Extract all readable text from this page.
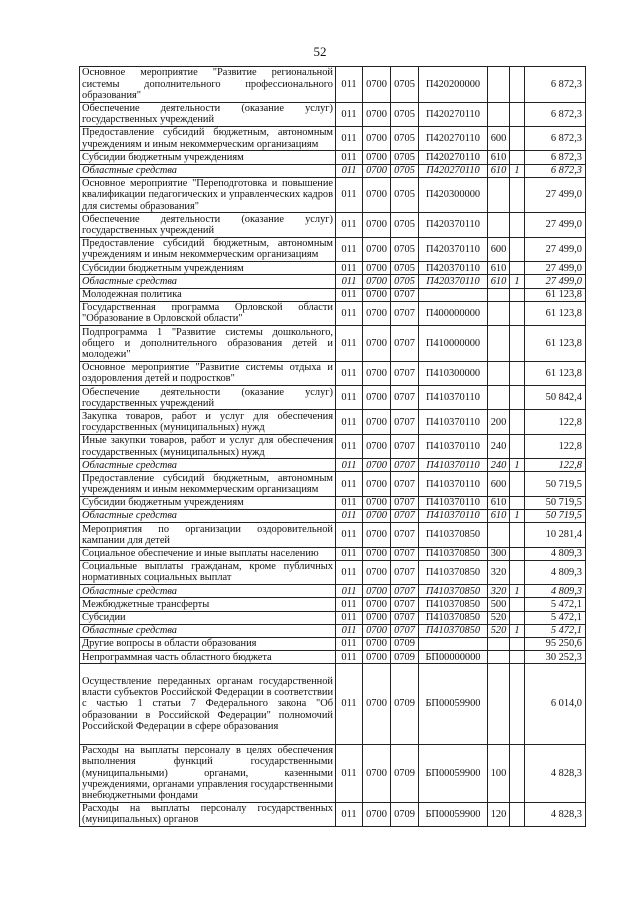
52
Основное мероприятие "Развитие региональной системы дополнительного профессионального образования"	011	0700	0705	П420200000			6 872,3
Обеспечение деятельности (оказание услуг) государственных учреждений	011	0700	0705	П420270110			6 872,3
Предоставление субсидий бюджетным, автономным учреждениям и иным некоммерческим организациям	011	0700	0705	П420270110	600		6 872,3
Субсидии бюджетным учреждениям	011	0700	0705	П420270110	610		6 872,3
Областные средства	011	0700	0705	П420270110	610	1	6 872,3
Основное мероприятие "Переподготовка и повышение квалификации педагогических и управленческих кадров для системы образования"	011	0700	0705	П420300000			27 499,0
Обеспечение деятельности (оказание услуг) государственных учреждений	011	0700	0705	П420370110			27 499,0
Предоставление субсидий бюджетным, автономным учреждениям и иным некоммерческим организациям	011	0700	0705	П420370110	600		27 499,0
Субсидии бюджетным учреждениям	011	0700	0705	П420370110	610		27 499,0
Областные средства	011	0700	0705	П420370110	610	1	27 499,0
Молодежная политика	011	0700	0707				61 123,8
Государственная программа Орловской области "Образование в Орловской области"	011	0700	0707	П400000000			61 123,8
Подпрограмма 1 "Развитие системы дошкольного, общего и дополнительного образования детей и молодежи"	011	0700	0707	П410000000			61 123,8
Основное мероприятие "Развитие системы отдыха и оздоровления детей и подростков"	011	0700	0707	П410300000			61 123,8
Обеспечение деятельности (оказание услуг) государственных учреждений	011	0700	0707	П410370110			50 842,4
Закупка товаров, работ и услуг для обеспечения государственных (муниципальных) нужд	011	0700	0707	П410370110	200		122,8
Иные закупки товаров, работ и услуг для обеспечения государственных (муниципальных) нужд	011	0700	0707	П410370110	240		122,8
Областные средства	011	0700	0707	П410370110	240	1	122,8
Предоставление субсидий бюджетным, автономным учреждениям и иным некоммерческим организациям	011	0700	0707	П410370110	600		50 719,5
Субсидии бюджетным учреждениям	011	0700	0707	П410370110	610		50 719,5
Областные средства	011	0700	0707	П410370110	610	1	50 719,5
Мероприятия по организации оздоровительной кампании для детей	011	0700	0707	П410370850			10 281,4
Социальное обеспечение и иные выплаты населению	011	0700	0707	П410370850	300		4 809,3
Социальные выплаты гражданам, кроме публичных нормативных социальных выплат	011	0700	0707	П410370850	320		4 809,3
Областные средства	011	0700	0707	П410370850	320	1	4 809,3
Межбюджетные трансферты	011	0700	0707	П410370850	500		5 472,1
Субсидии	011	0700	0707	П410370850	520		5 472,1
Областные средства	011	0700	0707	П410370850	520	1	5 472,1
Другие вопросы в области образования	011	0700	0709				95 250,6
Непрограммная часть областного бюджета	011	0700	0709	БП00000000			30 252,3
Осуществление переданных органам государственной власти субъектов Российской Федерации в соответствии с частью 1 статьи 7 Федерального закона "Об образовании в Российской Федерации" полномочий Российской Федерации в сфере образования	011	0700	0709	БП00059900			6 014,0
Расходы на выплаты персоналу в целях обеспечения выполнения функций государственными (муниципальными) органами, казенными учреждениями, органами управления государственными внебюджетными фондами	011	0700	0709	БП00059900	100		4 828,3
Расходы на выплаты персоналу государственных (муниципальных) органов	011	0700	0709	БП00059900	120		4 828,3
